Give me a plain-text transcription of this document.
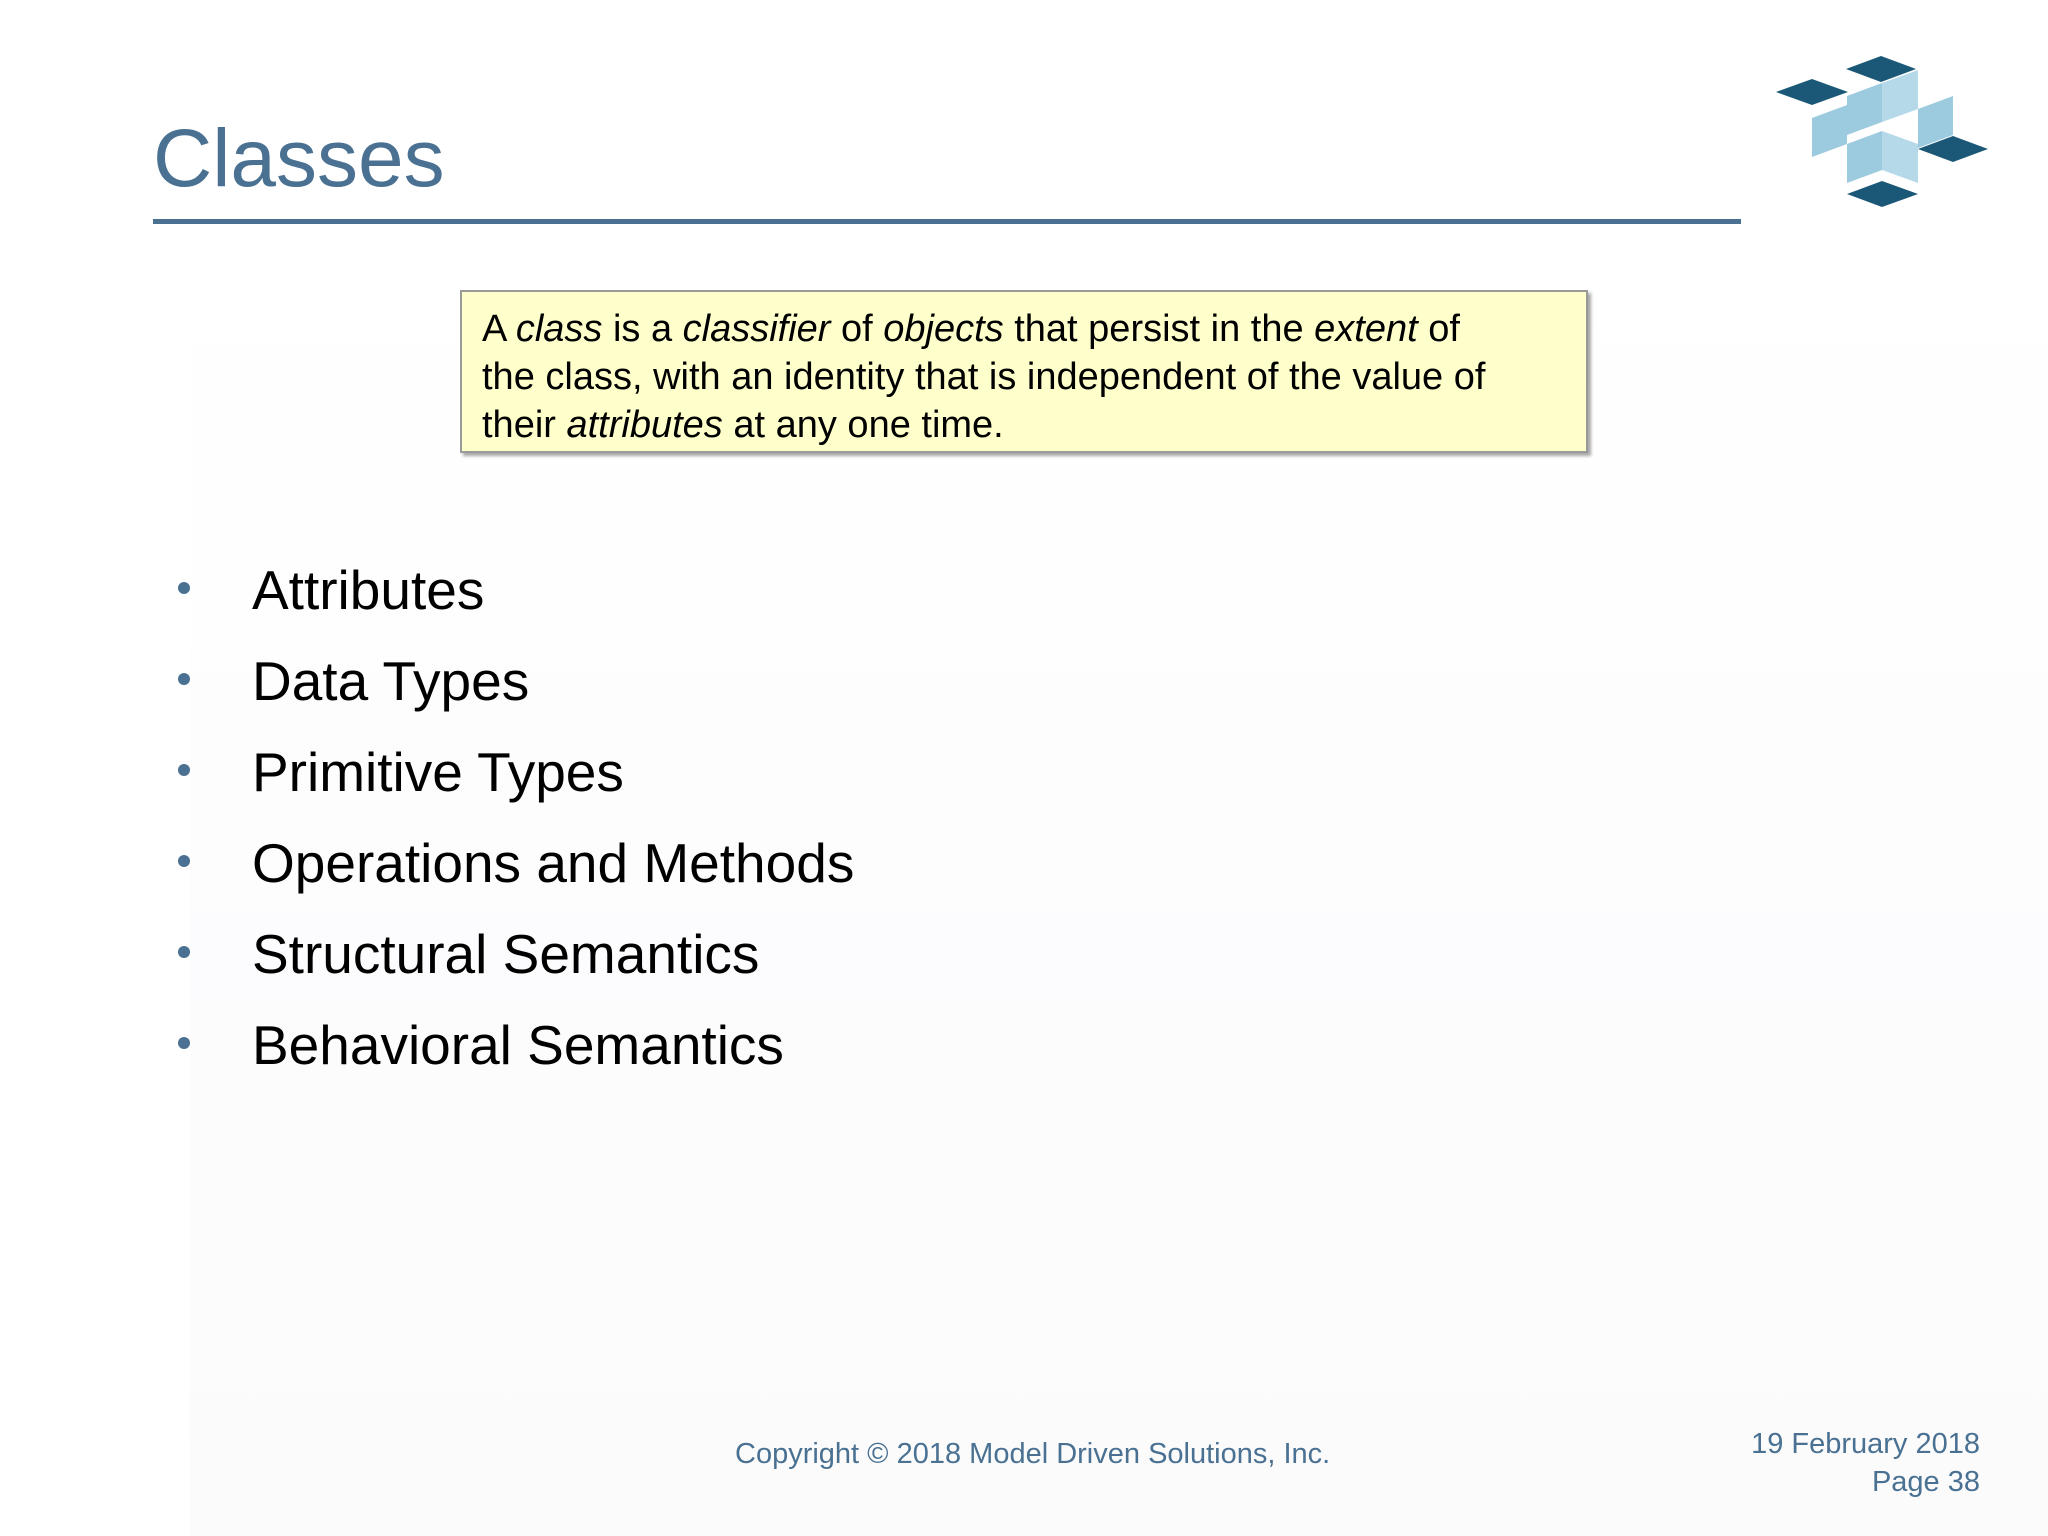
Classes

A class is a classifier of objects that persist in the extent of

the class, with an identity that is independent of the value of

their attributes at any one time.

Attributes
Data Types
Primitive Types
Operations and Methods
Structural Semantics
Behavioral Semantics
Copyright © 2018 Model Driven Solutions, Inc.	19 February 2018
Page 38
